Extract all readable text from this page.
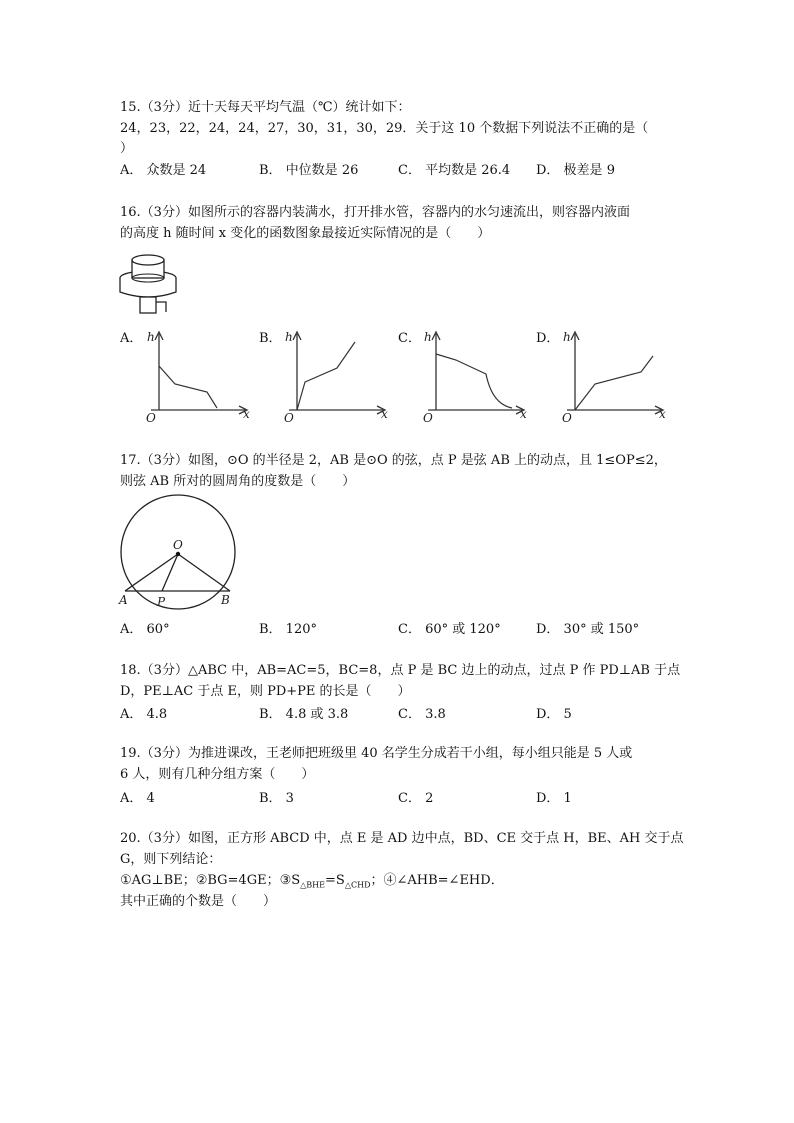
15.（3分）近十天每天平均气温（℃）统计如下：
24，23，22，24，24，27，30，31，30，29．关于这 10 个数据下列说法不正确的是（
）
A． 众数是 24	B． 中位数是 26	C． 平均数是 26.4 D． 极差是 9
16.（3分）如图所示的容器内装满水，打开排水管，容器内的水匀速流出，则容器内液面
的高度 h 随时间 x 变化的函数图象最接近实际情况的是（　　）
A．	B．	C．	D．
h
x
O
h
x
O
h
x
O
h
x
O
17.（3分）如图，⊙O 的半径是 2，AB 是⊙O 的弦，点 P 是弦 AB 上的动点，且 1≤OP≤2，
则弦 AB 所对的圆周角的度数是（　　）
O
A P	B
A． 60°	B． 120°	C． 60° 或 120°	D． 30° 或 150°
18.（3分）△ABC 中，AB=AC=5，BC=8，点 P 是 BC 边上的动点，过点 P 作 PD⊥AB 于点
D，PE⊥AC 于点 E，则 PD+PE 的长是（　　）
A． 4.8	B． 4.8 或 3.8	C． 3.8	D． 5
19.（3分）为推进课改，王老师把班级里 40 名学生分成若干小组，每小组只能是 5 人或
6 人，则有几种分组方案（　　）
A． 4	B． 3	C． 2	D． 1
20.（3分）如图，正方形 ABCD 中，点 E 是 AD 边中点，BD、CE 交于点 H，BE、AH 交于点
G，则下列结论：
①AG⊥BE；②BG=4GE；$③S_{\triangle BHE}=S_{\triangle CHD}$；④∠AHB=∠EHD．
其中正确的个数是（　　）
